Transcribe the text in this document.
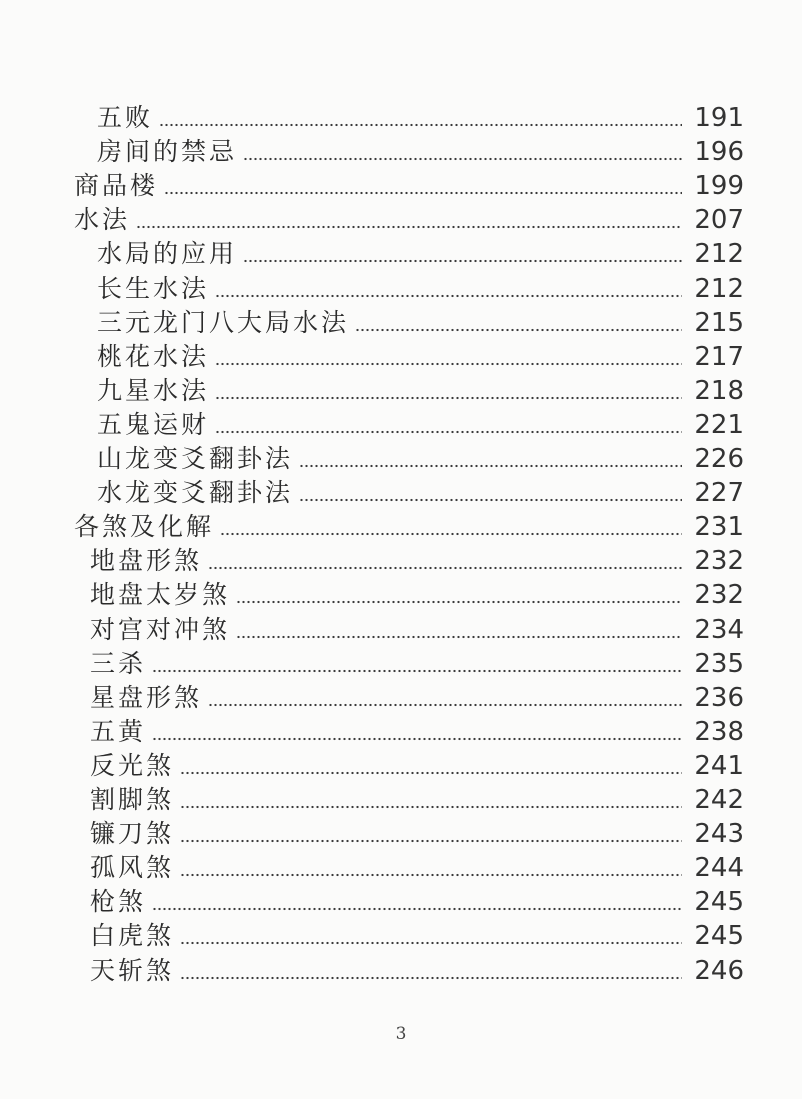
五败	191
房间的禁忌	196
商品楼	199
水法	207
水局的应用	212
长生水法	212
三元龙门八大局水法	215
桃花水法	217
九星水法	218
五鬼运财	221
山龙变爻翻卦法	226
水龙变爻翻卦法	227
各煞及化解	231
地盘形煞	232
地盘太岁煞	232
对宫对冲煞	234
三杀	235
星盘形煞	236
五黄	238
反光煞	241
割脚煞	242
镰刀煞	243
孤风煞	244
枪煞	245
白虎煞	245
天斩煞	246
3
